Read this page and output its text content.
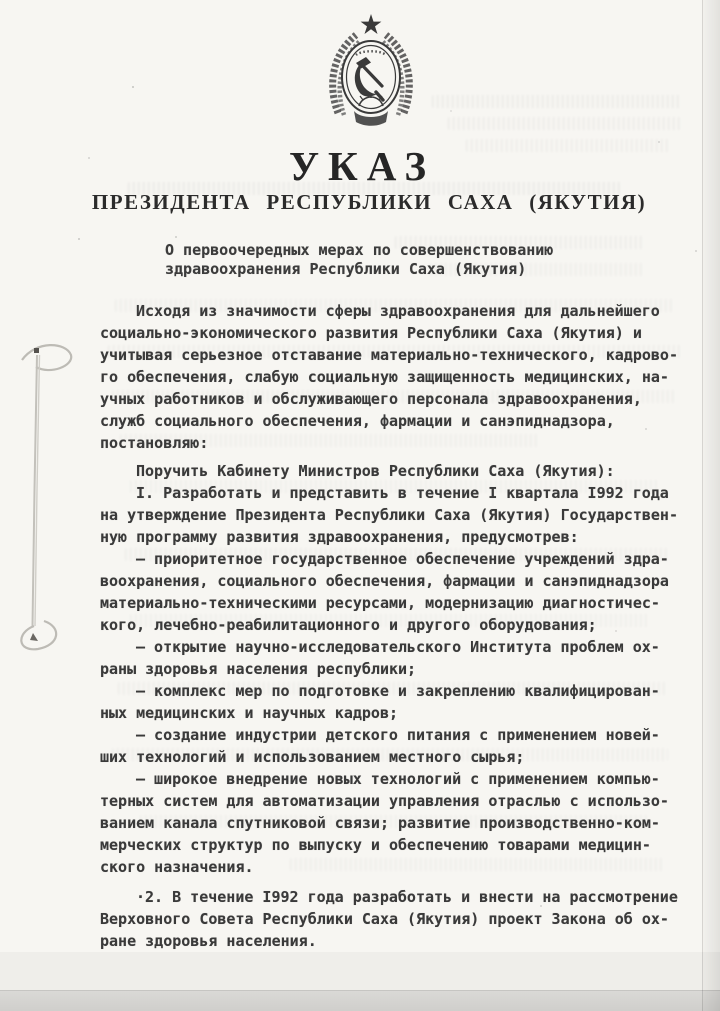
УКАЗ
ПРЕЗИДЕНТА РЕСПУБЛИКИ САХА (ЯКУТИЯ)
О первоочередных мерах по совершенствованию
здравоохранения Республики Саха (Якутия)
Исходя из значимости сферы здравоохранения для дальнейшего
социально-экономического развития Республики Саха (Якутия) и
учитывая серьезное отставание материально-технического, кадрово-
го обеспечения, слабую социальную защищенность медицинских, на-
учных работников и обслуживающего персонала здравоохранения,
служб социального обеспечения, фармации и санэпиднадзора,
постановляю:
Поручить Кабинету Министров Республики Саха (Якутия):
I. Разработать и представить в течение I квартала I992 года
на утверждение Президента Республики Саха (Якутия) Государствен-
ную программу развития здравоохранения, предусмотрев:
– приоритетное государственное обеспечение учреждений здра-
воохранения, социального обеспечения, фармации и санэпиднадзора
материально-техническими ресурсами, модернизацию диагностичес-
кого, лечебно-реабилитационного и другого оборудования;
– открытие научно-исследовательского Института проблем ох-
раны здоровья населения республики;
– комплекс мер по подготовке и закреплению квалифицирован-
ных медицинских и научных кадров;
– создание индустрии детского питания с применением новей-
ших технологий и использованием местного сырья;
– широкое внедрение новых технологий с применением компью-
терных систем для автоматизации управления отраслью с использо-
ванием канала спутниковой связи; развитие производственно-ком-
мерческих структур по выпуску и обеспечению товарами медицин-
ского назначения.
·2. В течение I992 года разработать и внести на рассмотрение
Верховного Совета Республики Саха (Якутия) проект Закона об ох-
ране здоровья населения.
